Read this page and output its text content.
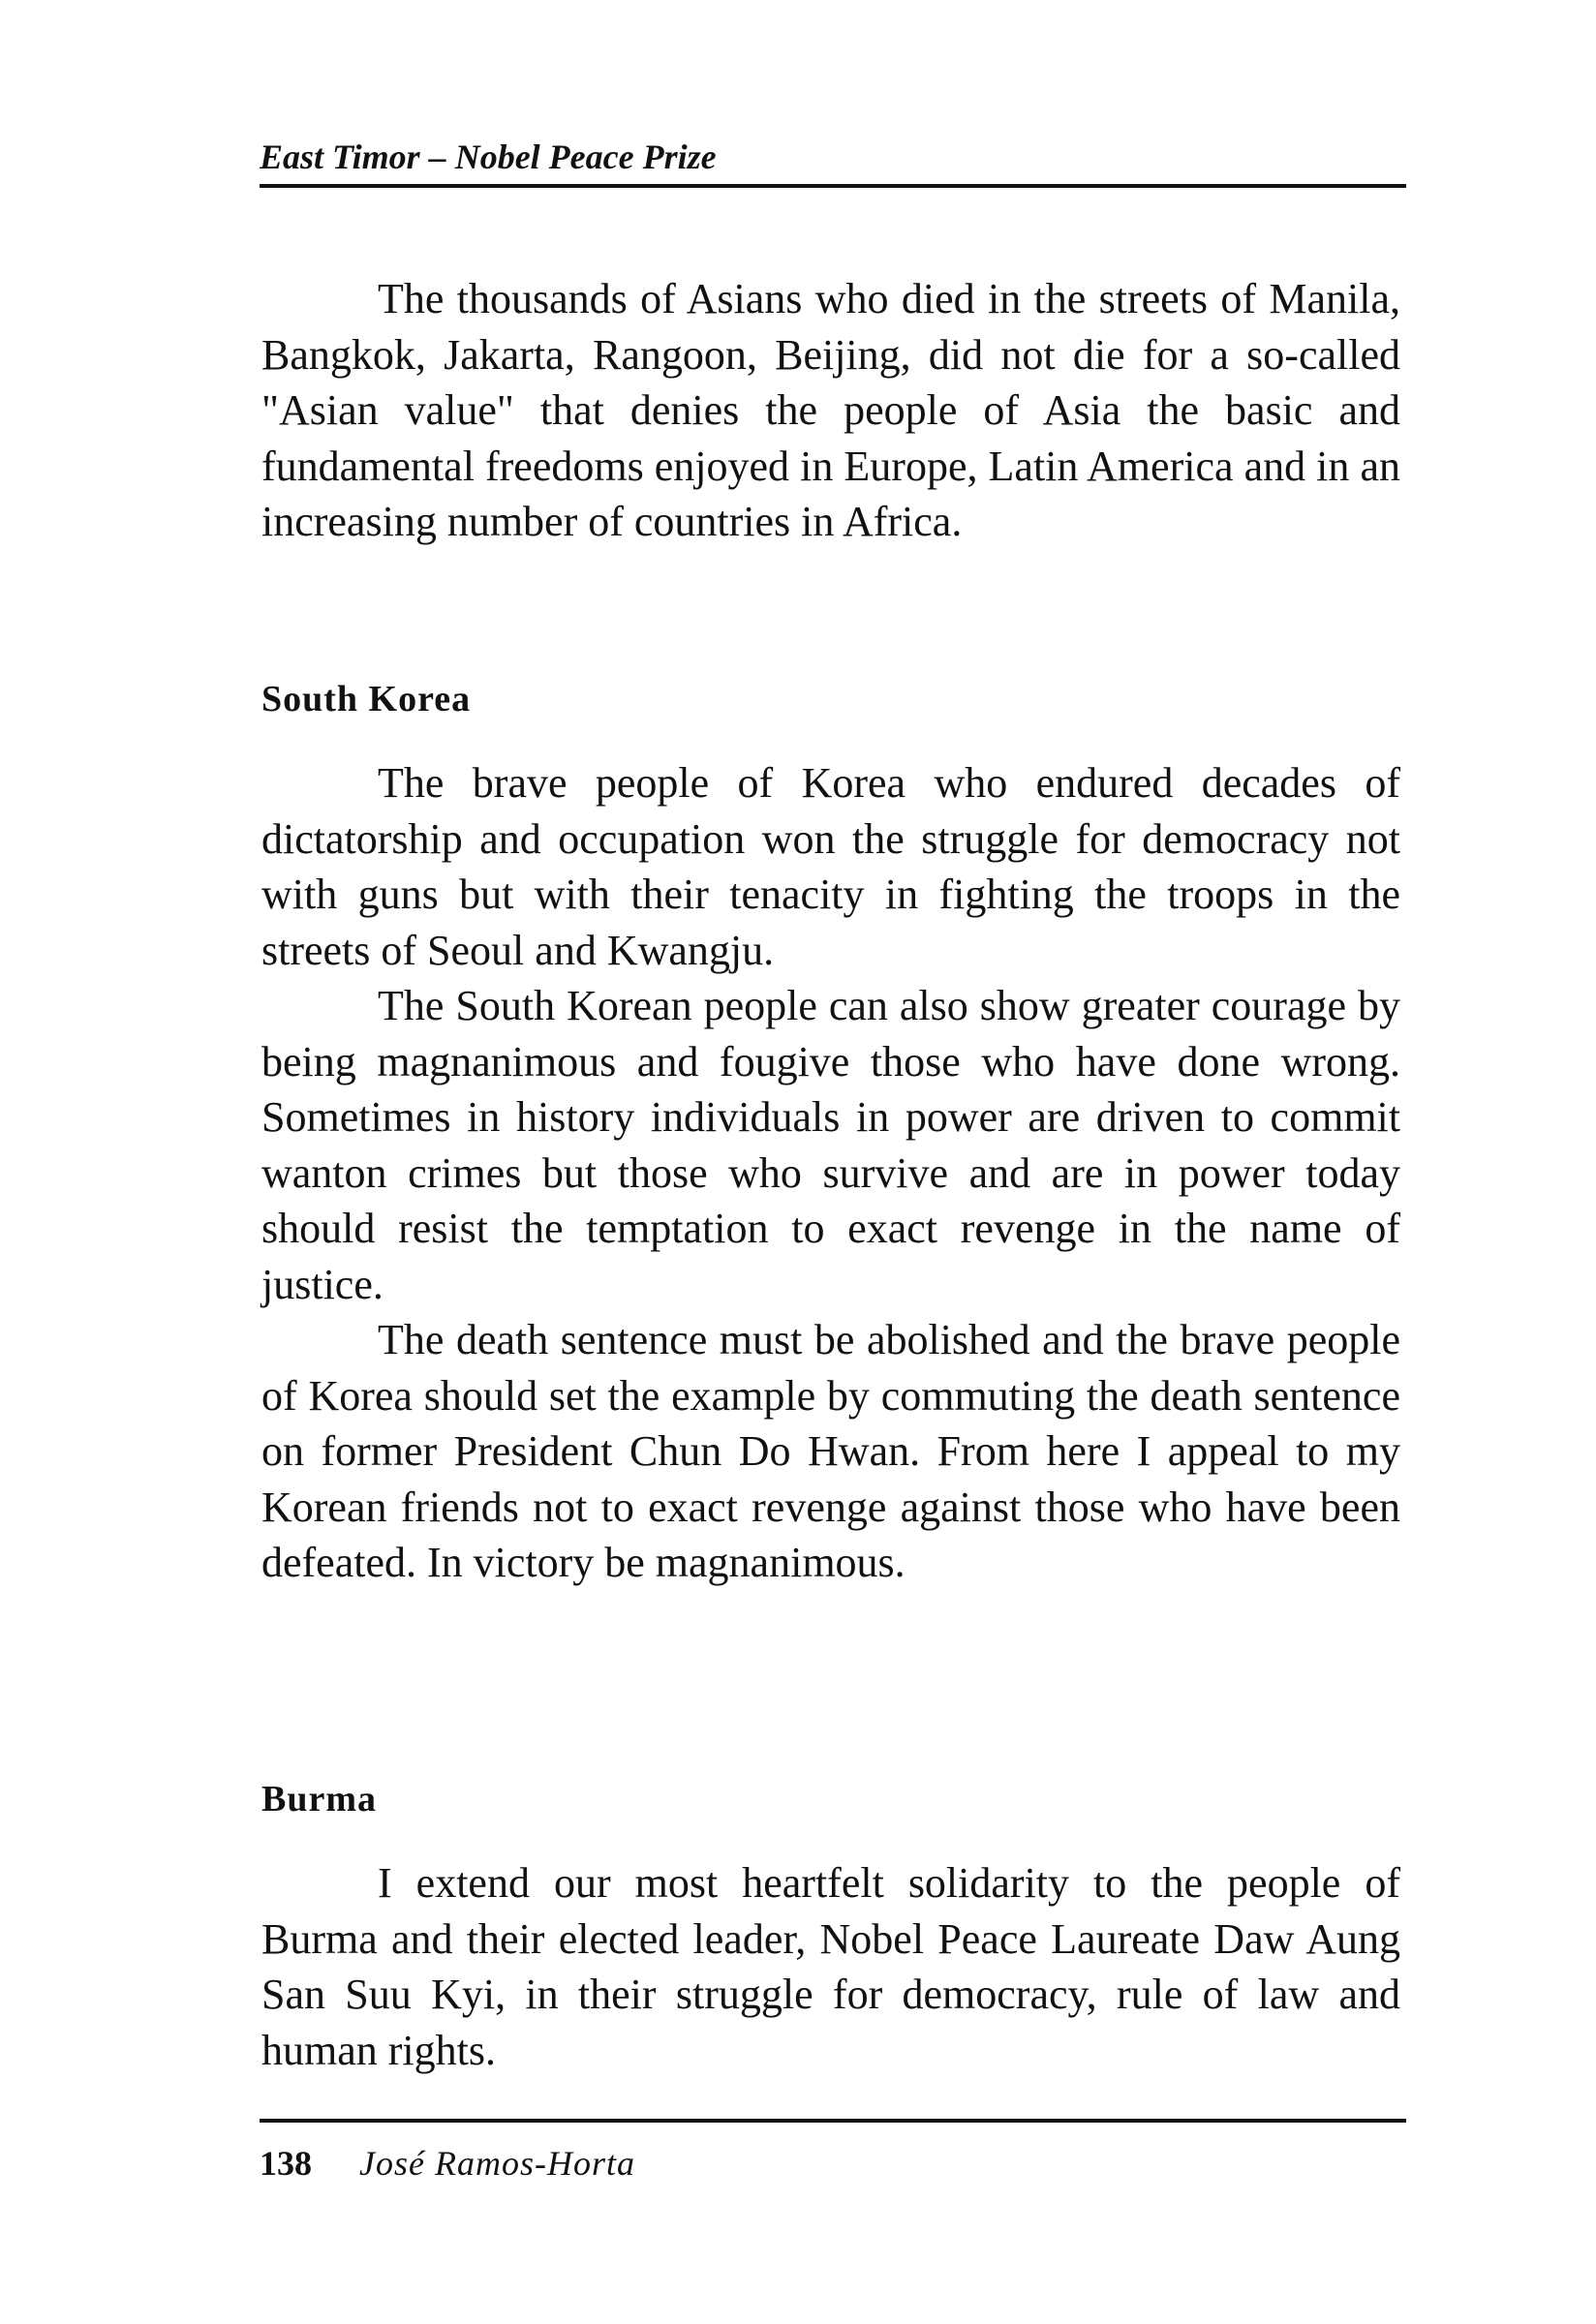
East Timor – Nobel Peace Prize

The thousands of Asians who died in the streets of Manila, Bangkok, Jakarta, Rangoon, Beijing, did not die for a so-called "Asian value" that denies the people of Asia the basic and fundamental freedoms enjoyed in Europe, Latin America and in an increasing number of countries in Africa.

South Korea

The brave people of Korea who endured decades of dictatorship and occupation won the struggle for democracy not with guns but with their tenacity in fighting the troops in the streets of Seoul and Kwangju.

The South Korean people can also show greater courage by being magnanimous and fougive those who have done wrong. Sometimes in history individuals in power are driven to commit wanton crimes but those who survive and are in power today should resist the temptation to exact revenge in the name of justice.

The death sentence must be abolished and the brave people of Korea should set the example by commuting the death sentence on former President Chun Do Hwan. From here I appeal to my Korean friends not to exact revenge against those who have been defeated. In victory be magnanimous.

Burma

I extend our most heartfelt solidarity to the people of Burma and their elected leader, Nobel Peace Laureate Daw Aung San Suu Kyi, in their struggle for democracy, rule of law and human rights.

138 José Ramos-Horta
